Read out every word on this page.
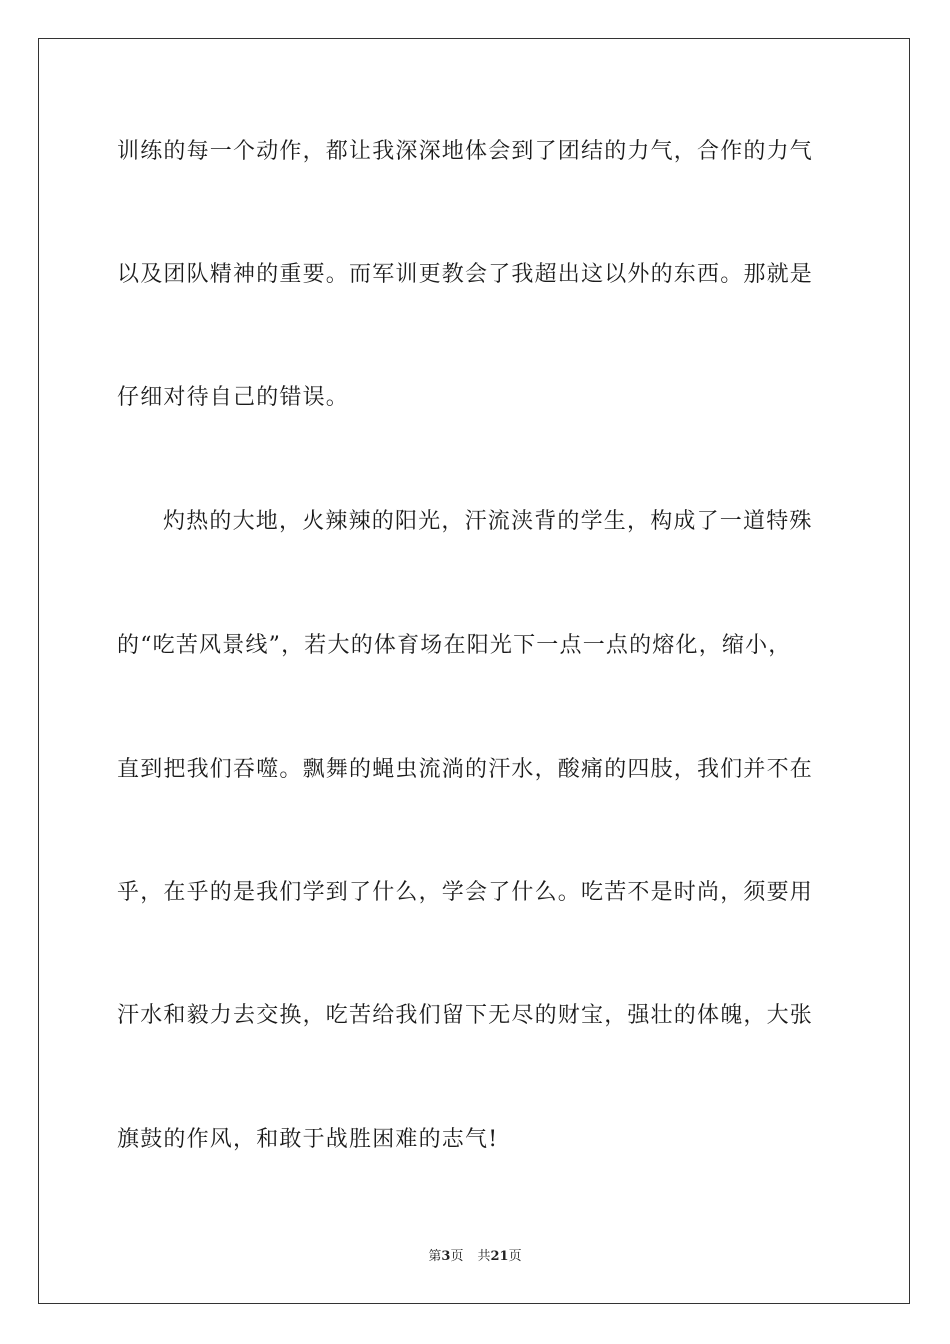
训练的每一个动作，都让我深深地体会到了团结的力气，合作的力气
以及团队精神的重要。而军训更教会了我超出这以外的东西。那就是
仔细对待自己的错误。
灼热的大地，火辣辣的阳光，汗流浃背的学生，构成了一道特殊
的“吃苦风景线”，若大的体育场在阳光下一点一点的熔化，缩小，
直到把我们吞噬。飘舞的蝇虫流淌的汗水，酸痛的四肢，我们并不在
乎，在乎的是我们学到了什么，学会了什么。吃苦不是时尚，须要用
汗水和毅力去交换，吃苦给我们留下无尽的财宝，强壮的体魄，大张
旗鼓的作风，和敢于战胜困难的志气!
第3页 共21页
